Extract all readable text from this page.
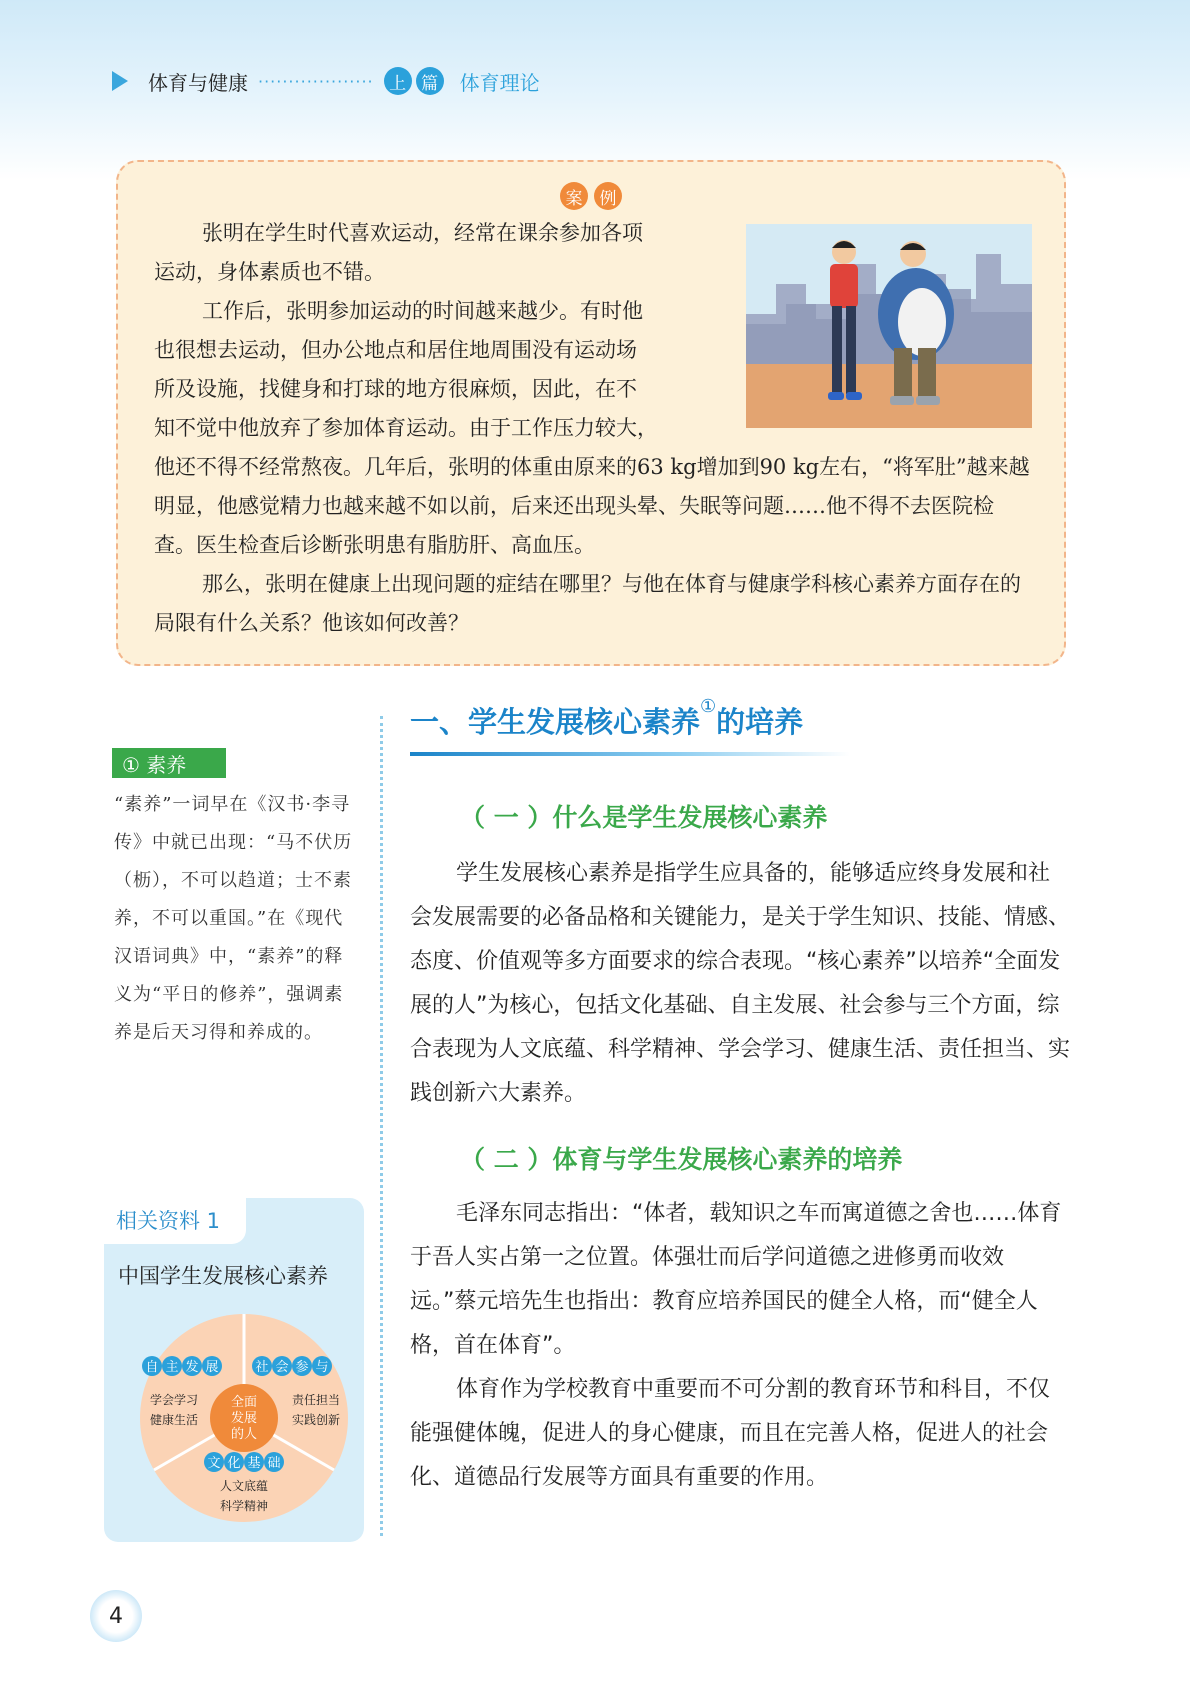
体育与健康 ··················· 上 篇 体育理论
案	例

张明在学生时代喜欢运动，经常在课余参加各项

运动，身体素质也不错。

工作后，张明参加运动的时间越来越少。有时他

也很想去运动，但办公地点和居住地周围没有运动场

所及设施，找健身和打球的地方很麻烦，因此，在不

知不觉中他放弃了参加体育运动。由于工作压力较大，

他还不得不经常熬夜。几年后，张明的体重由原来的63 kg增加到90 kg左右，“将军肚”越来越明显，他感觉精力也越来越不如以前，后来还出现头晕、失眠等问题……他不得不去医院检查。医生检查后诊断张明患有脂肪肝、高血压。

那么，张明在健康上出现问题的症结在哪里？与他在体育与健康学科核心素养方面存在的局限有什么关系？他该如何改善？

① 素养
“素养”一词早在《汉书·李寻传》中就已出现：“马不伏历（枥），不可以趋道；士不素养，不可以重国。”在《现代汉语词典》中，“素养”的释义为“平日的修养”，强调素养是后天习得和养成的。
相关资料 1
中国学生发展核心素养
全面
发展
的人
自 主 发 展	社 会 参 与
文 化 基 础
学会学习
健康生活
责任担当
实践创新
人文底蕴
科学精神
一、学生发展核心素养①的培养
（ 一 ）什么是学生发展核心素养

学生发展核心素养是指学生应具备的，能够适应终身发展和社会发展需要的必备品格和关键能力，是关于学生知识、技能、情感、态度、价值观等多方面要求的综合表现。“核心素养”以培养“全面发展的人”为核心，包括文化基础、自主发展、社会参与三个方面，综合表现为人文底蕴、科学精神、学会学习、健康生活、责任担当、实践创新六大素养。

（ 二 ）体育与学生发展核心素养的培养

毛泽东同志指出：“体者，载知识之车而寓道德之舍也……体育于吾人实占第一之位置。体强壮而后学问道德之进修勇而收效远。”蔡元培先生也指出：教育应培养国民的健全人格，而“健全人格，首在体育”。

体育作为学校教育中重要而不可分割的教育环节和科目，不仅能强健体魄，促进人的身心健康，而且在完善人格，促进人的社会化、道德品行发展等方面具有重要的作用。

4
